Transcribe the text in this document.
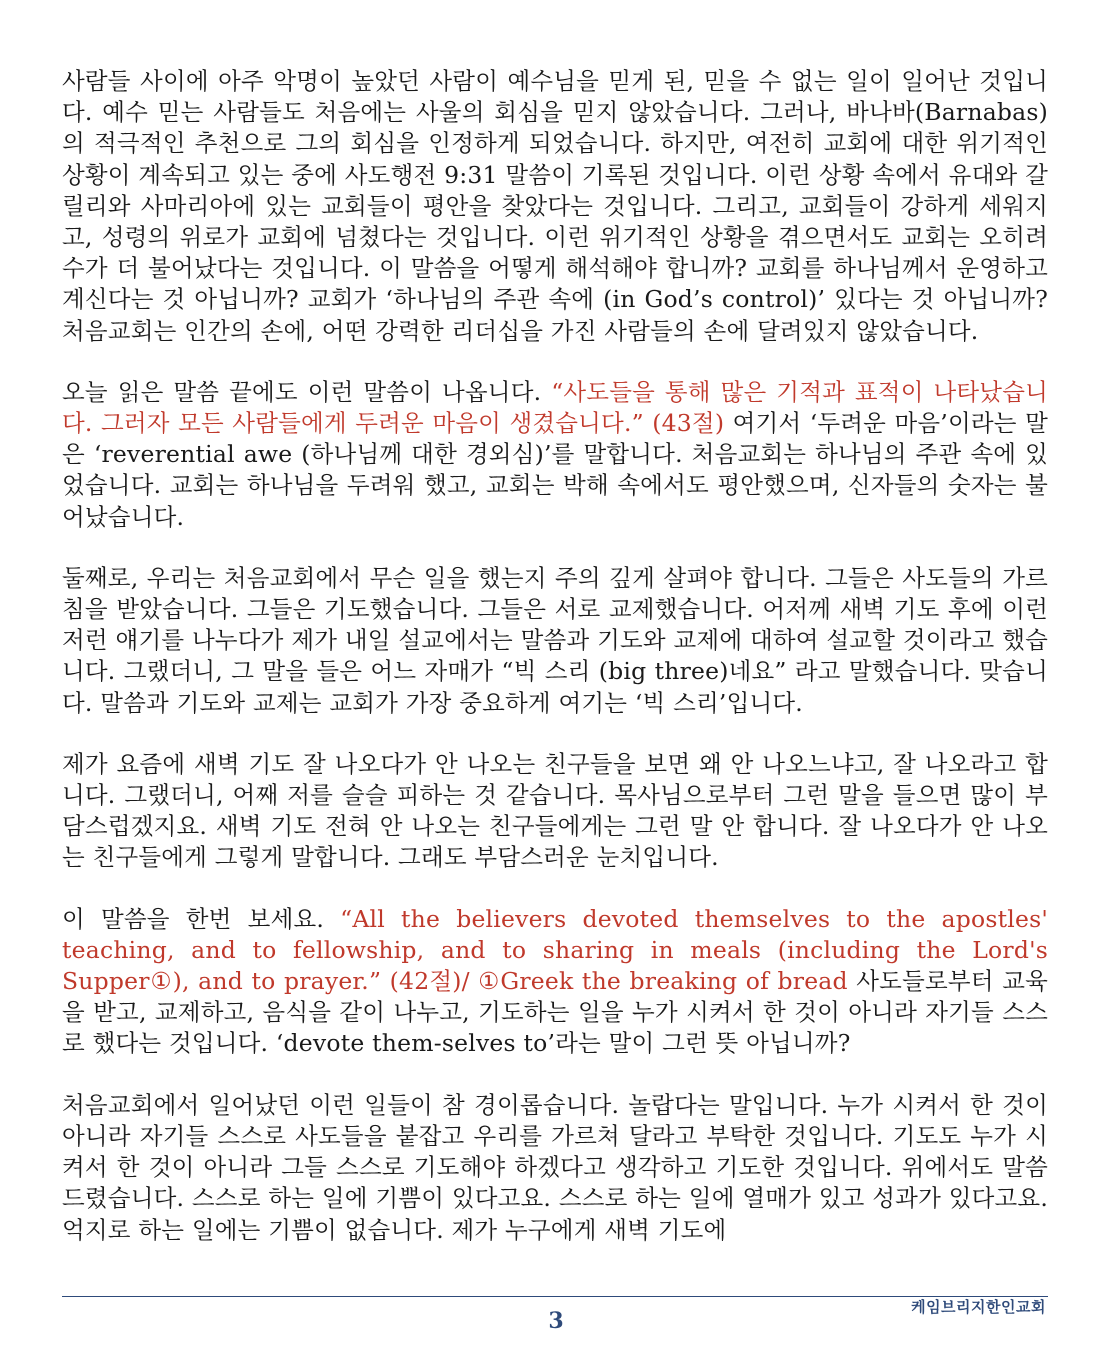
사람들 사이에 아주 악명이 높았던 사람이 예수님을 믿게 된, 믿을 수 없는 일이 일어난 것입니다. 예수 믿는 사람들도 처음에는 사울의 회심을 믿지 않았습니다. 그러나, 바나바(Barnabas)의 적극적인 추천으로 그의 회심을 인정하게 되었습니다. 하지만, 여전히 교회에 대한 위기적인 상황이 계속되고 있는 중에 사도행전 9:31 말씀이 기록된 것입니다. 이런 상황 속에서 유대와 갈릴리와 사마리아에 있는 교회들이 평안을 찾았다는 것입니다. 그리고, 교회들이 강하게 세워지고, 성령의 위로가 교회에 넘쳤다는 것입니다. 이런 위기적인 상황을 겪으면서도 교회는 오히려 수가 더 불어났다는 것입니다. 이 말씀을 어떻게 해석해야 합니까? 교회를 하나님께서 운영하고 계신다는 것 아닙니까? 교회가 ‘하나님의 주관 속에 (in God’s control)’ 있다는 것 아닙니까? 처음교회는 인간의 손에, 어떤 강력한 리더십을 가진 사람들의 손에 달려있지 않았습니다.

오늘 읽은 말씀 끝에도 이런 말씀이 나옵니다. “사도들을 통해 많은 기적과 표적이 나타났습니다. 그러자 모든 사람들에게 두려운 마음이 생겼습니다.” (43절) 여기서 ‘두려운 마음’이라는 말은 ‘reverential awe (하나님께 대한 경외심)’를 말합니다. 처음교회는 하나님의 주관 속에 있었습니다. 교회는 하나님을 두려워 했고, 교회는 박해 속에서도 평안했으며, 신자들의 숫자는 불어났습니다.

둘째로, 우리는 처음교회에서 무슨 일을 했는지 주의 깊게 살펴야 합니다. 그들은 사도들의 가르침을 받았습니다. 그들은 기도했습니다. 그들은 서로 교제했습니다. 어저께 새벽 기도 후에 이런 저런 얘기를 나누다가 제가 내일 설교에서는 말씀과 기도와 교제에 대하여 설교할 것이라고 했습니다. 그랬더니, 그 말을 들은 어느 자매가 “빅 스리 (big three)네요” 라고 말했습니다. 맞습니다. 말씀과 기도와 교제는 교회가 가장 중요하게 여기는 ‘빅 스리’입니다.

제가 요즘에 새벽 기도 잘 나오다가 안 나오는 친구들을 보면 왜 안 나오느냐고, 잘 나오라고 합니다. 그랬더니, 어째 저를 슬슬 피하는 것 같습니다. 목사님으로부터 그런 말을 들으면 많이 부담스럽겠지요. 새벽 기도 전혀 안 나오는 친구들에게는 그런 말 안 합니다. 잘 나오다가 안 나오는 친구들에게 그렇게 말합니다. 그래도 부담스러운 눈치입니다.

이 말씀을 한번 보세요. “All the believers devoted themselves to the apostles' teaching, and to fellowship, and to sharing in meals (including the Lord's Supper①), and to prayer.” (42절)/ ①Greek the breaking of bread 사도들로부터 교육을 받고, 교제하고, 음식을 같이 나누고, 기도하는 일을 누가 시켜서 한 것이 아니라 자기들 스스로 했다는 것입니다. ‘devote them-selves to’라는 말이 그런 뜻 아닙니까?

처음교회에서 일어났던 이런 일들이 참 경이롭습니다. 놀랍다는 말입니다. 누가 시켜서 한 것이 아니라 자기들 스스로 사도들을 붙잡고 우리를 가르쳐 달라고 부탁한 것입니다. 기도도 누가 시켜서 한 것이 아니라 그들 스스로 기도해야 하겠다고 생각하고 기도한 것입니다. 위에서도 말씀 드렸습니다. 스스로 하는 일에 기쁨이 있다고요. 스스로 하는 일에 열매가 있고 성과가 있다고요. 억지로 하는 일에는 기쁨이 없습니다. 제가 누구에게 새벽 기도에

케임브리지한인교회
3
